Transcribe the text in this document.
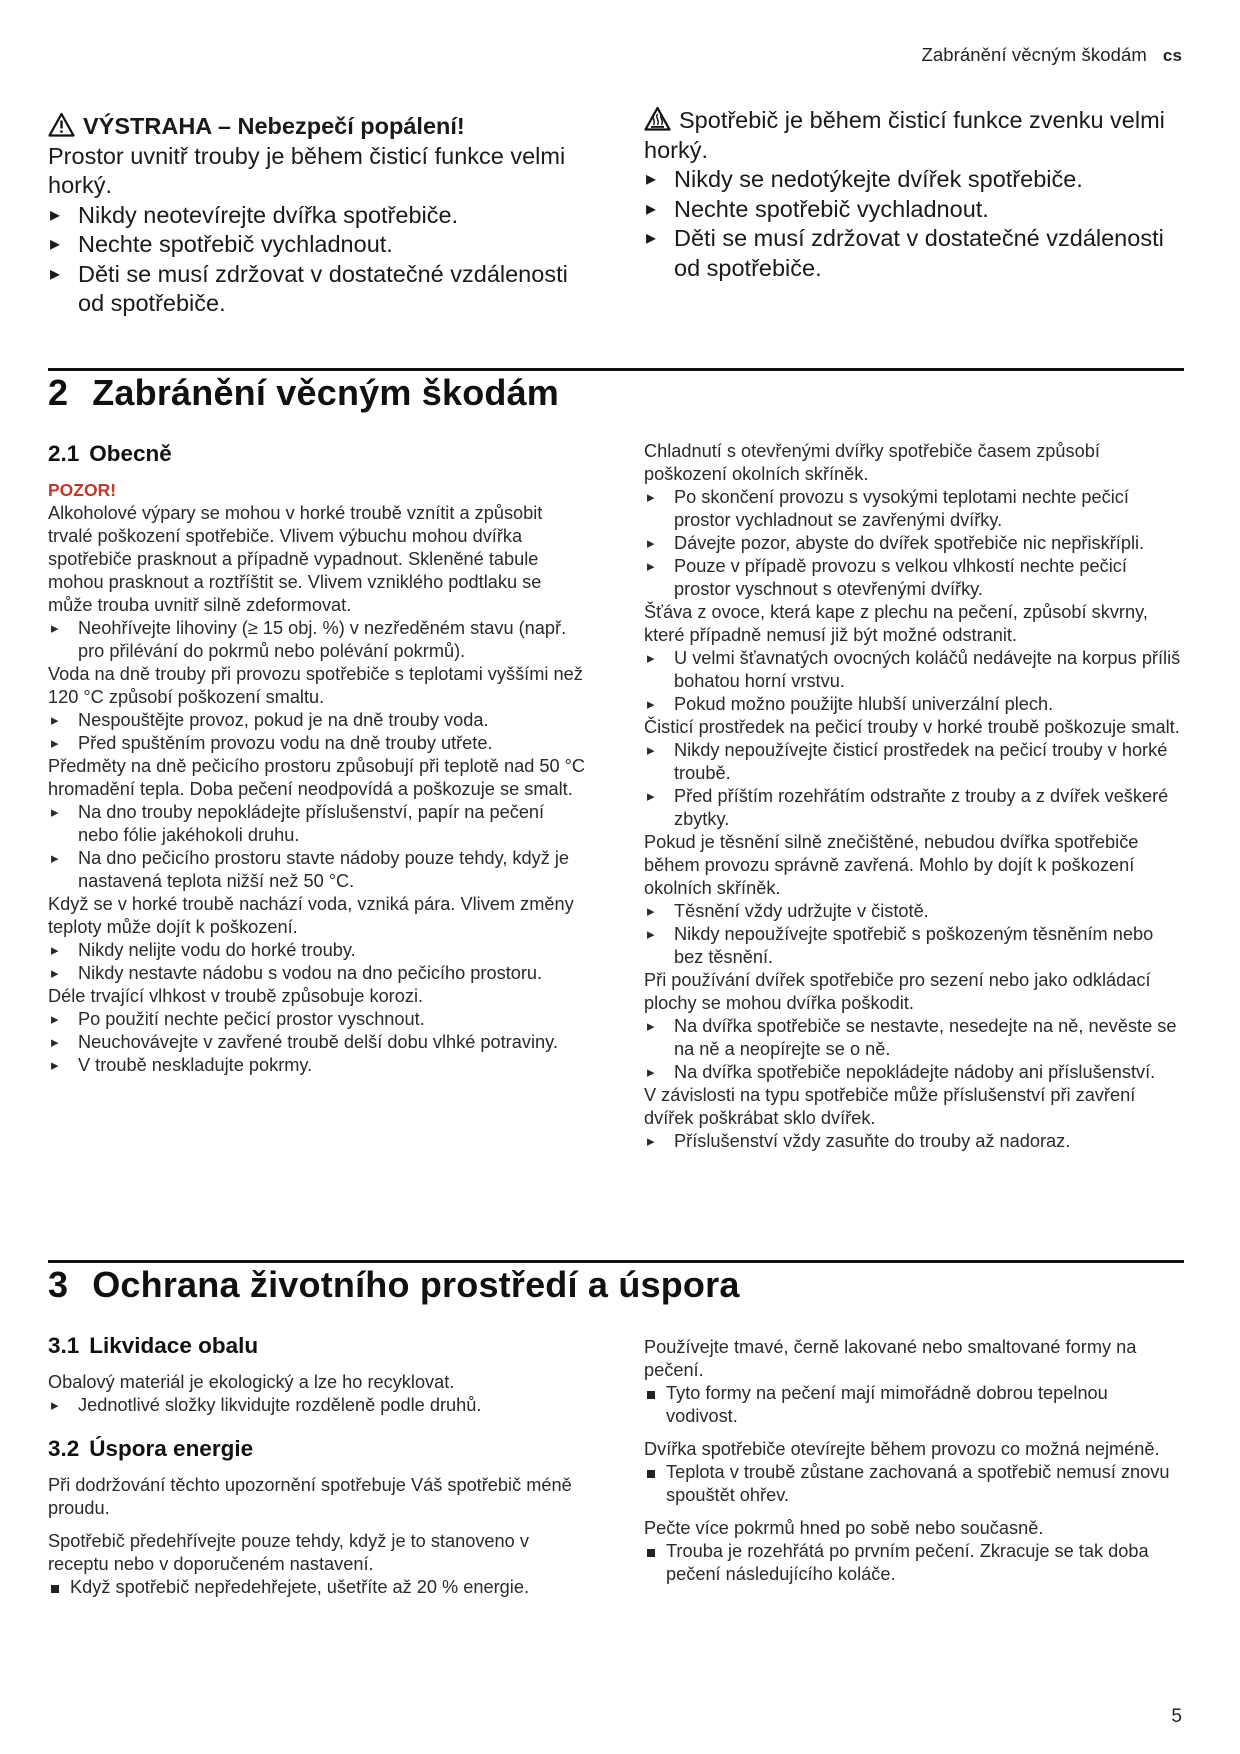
Zabránění věcným škodám cs
VÝSTRAHA – Nebezpečí popálení!
Prostor uvnitř trouby je během čisticí funkce velmi horký.
▸ Nikdy neotevírejte dvířka spotřebiče.
▸ Nechte spotřebič vychladnout.
▸ Děti se musí zdržovat v dostatečné vzdálenosti od spotřebiče.
Spotřebič je během čisticí funkce zvenku velmi horký.
▸ Nikdy se nedotýkejte dvířek spotřebiče.
▸ Nechte spotřebič vychladnout.
▸ Děti se musí zdržovat v dostatečné vzdálenosti od spotřebiče.
2 Zabránění věcným škodám
2.1 Obecně

POZOR!

Alkoholové výpary se mohou v horké troubě vznítit a způsobit trvalé poškození spotřebiče. Vlivem výbuchu mohou dvířka spotřebiče prasknout a případně vypadnout. Skleněné tabule mohou prasknout a roztříštit se. Vlivem vzniklého podtlaku se může trouba uvnitř silně zdeformovat.

▸ Neohřívejte lihoviny (≥ 15 obj. %) v nezředěném stavu (např. pro přilévání do pokrmů nebo polévání pokrmů).

Voda na dně trouby při provozu spotřebiče s teplotami vyššími než 120 °C způsobí poškození smaltu.

▸ Nespouštějte provoz, pokud je na dně trouby voda.
▸ Před spuštěním provozu vodu na dně trouby utřete.

Předměty na dně pečicího prostoru způsobují při teplotě nad 50 °C hromadění tepla. Doba pečení neodpovídá a poškozuje se smalt.

▸ Na dno trouby nepokládejte příslušenství, papír na pečení nebo fólie jakéhokoli druhu.
▸ Na dno pečicího prostoru stavte nádoby pouze tehdy, když je nastavená teplota nižší než 50 °C.

Když se v horké troubě nachází voda, vzniká pára. Vlivem změny teploty může dojít k poškození.

▸ Nikdy nelijte vodu do horké trouby.
▸ Nikdy nestavte nádobu s vodou na dno pečicího prostoru.

Déle trvající vlhkost v troubě způsobuje korozi.

▸ Po použití nechte pečicí prostor vyschnout.
▸ Neuchovávejte v zavřené troubě delší dobu vlhké potraviny.
▸ V troubě neskladujte pokrmy.

Chladnutí s otevřenými dvířky spotřebiče časem způsobí poškození okolních skříněk.

▸ Po skončení provozu s vysokými teplotami nechte pečicí prostor vychladnout se zavřenými dvířky.
▸ Dávejte pozor, abyste do dvířek spotřebiče nic nepřiskřípli.
▸ Pouze v případě provozu s velkou vlhkostí nechte pečicí prostor vyschnout s otevřenými dvířky.

Šťáva z ovoce, která kape z plechu na pečení, způsobí skvrny, které případně nemusí již být možné odstranit.

▸ U velmi šťavnatých ovocných koláčů nedávejte na korpus příliš bohatou horní vrstvu.
▸ Pokud možno použijte hlubší univerzální plech.

Čisticí prostředek na pečicí trouby v horké troubě poškozuje smalt.

▸ Nikdy nepoužívejte čisticí prostředek na pečicí trouby v horké troubě.
▸ Před příštím rozehřátím odstraňte z trouby a z dvířek veškeré zbytky.

Pokud je těsnění silně znečištěné, nebudou dvířka spotřebiče během provozu správně zavřená. Mohlo by dojít k poškození okolních skříněk.

▸ Těsnění vždy udržujte v čistotě.
▸ Nikdy nepoužívejte spotřebič s poškozeným těsněním nebo bez těsnění.

Při používání dvířek spotřebiče pro sezení nebo jako odkládací plochy se mohou dvířka poškodit.

▸ Na dvířka spotřebiče se nestavte, nesedejte na ně, nevěste se na ně a neopírejte se o ně.
▸ Na dvířka spotřebiče nepokládejte nádoby ani příslušenství.

V závislosti na typu spotřebiče může příslušenství při zavření dvířek poškrábat sklo dvířek.

▸ Příslušenství vždy zasuňte do trouby až nadoraz.
3 Ochrana životního prostředí a úspora
3.1 Likvidace obalu

Obalový materiál je ekologický a lze ho recyklovat.

▸ Jednotlivé složky likvidujte rozděleně podle druhů.
3.2 Úspora energie

Při dodržování těchto upozornění spotřebuje Váš spotřebič méně proudu.

Spotřebič předehřívejte pouze tehdy, když je to stanoveno v receptu nebo v doporučeném nastavení.

Když spotřebič nepředehřejete, ušetříte až 20 % energie.

Používejte tmavé, černě lakované nebo smaltované formy na pečení.

Tyto formy na pečení mají mimořádně dobrou tepelnou vodivost.

Dvířka spotřebiče otevírejte během provozu co možná nejméně.

Teplota v troubě zůstane zachovaná a spotřebič nemusí znovu spouštět ohřev.

Pečte více pokrmů hned po sobě nebo současně.

Trouba je rozehřátá po prvním pečení. Zkracuje se tak doba pečení následujícího koláče.
5
